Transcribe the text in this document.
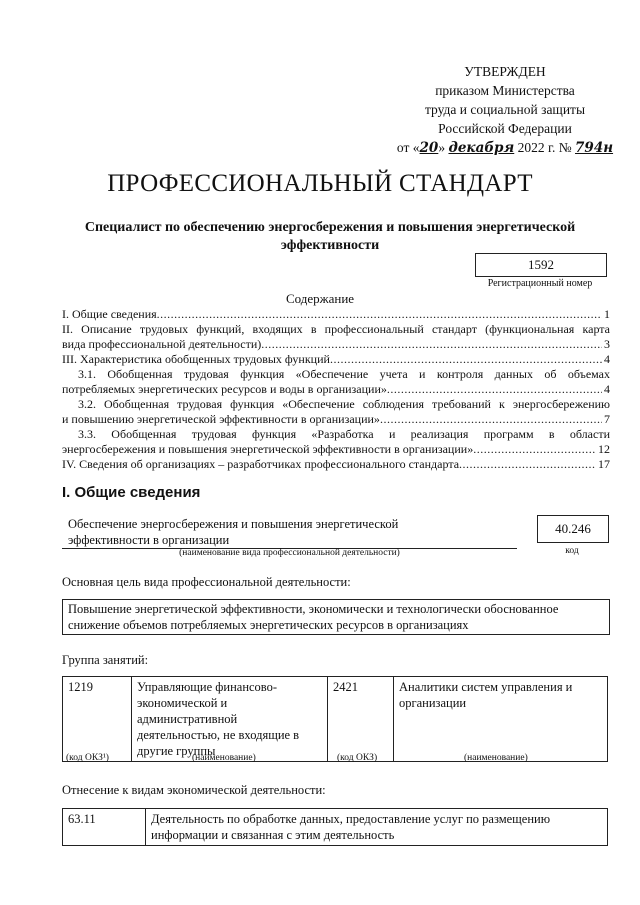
УТВЕРЖДЕН
приказом Министерства
труда и социальной защиты
Российской Федерации
от «20» декабря 2022 г. № 794н
ПРОФЕССИОНАЛЬНЫЙ СТАНДАРТ
Специалист по обеспечению энергосбережения и повышения энергетической эффективности
1592
Регистрационный номер
Содержание
I. Общие сведения .....	1
II. Описание трудовых функций, входящих в профессиональный стандарт (функциональная карта
вида профессиональной деятельности) .....	3
III. Характеристика обобщенных трудовых функций .....	4
3.1. Обобщенная трудовая функция «Обеспечение учета и контроля данных об объемах
потребляемых энергетических ресурсов и воды в организации» .....	4
3.2. Обобщенная трудовая функция «Обеспечение соблюдения требований к энергосбережению
и повышению энергетической эффективности в организации» .....	7
3.3. Обобщенная трудовая функция «Разработка и реализация программ в области
энергосбережения и повышения энергетической эффективности в организации» .....	12
IV. Сведения об организациях – разработчиках профессионального стандарта .....	17
I. Общие сведения
Обеспечение энергосбережения и повышения энергетической эффективности в организации
(наименование вида профессиональной деятельности)
40.246
код
Основная цель вида профессиональной деятельности:
Повышение энергетической эффективности, экономически и технологически обоснованное снижение объемов потребляемых энергетических ресурсов в организациях
Группа занятий:
1219	Управляющие финансово-экономической и административной деятельностью, не входящие в другие группы	2421	Аналитики систем управления и организации
(код ОКЗ¹)	(наименование)	(код ОКЗ)	(наименование)
Отнесение к видам экономической деятельности:
63.11	Деятельность по обработке данных, предоставление услуг по размещению информации и связанная с этим деятельность
